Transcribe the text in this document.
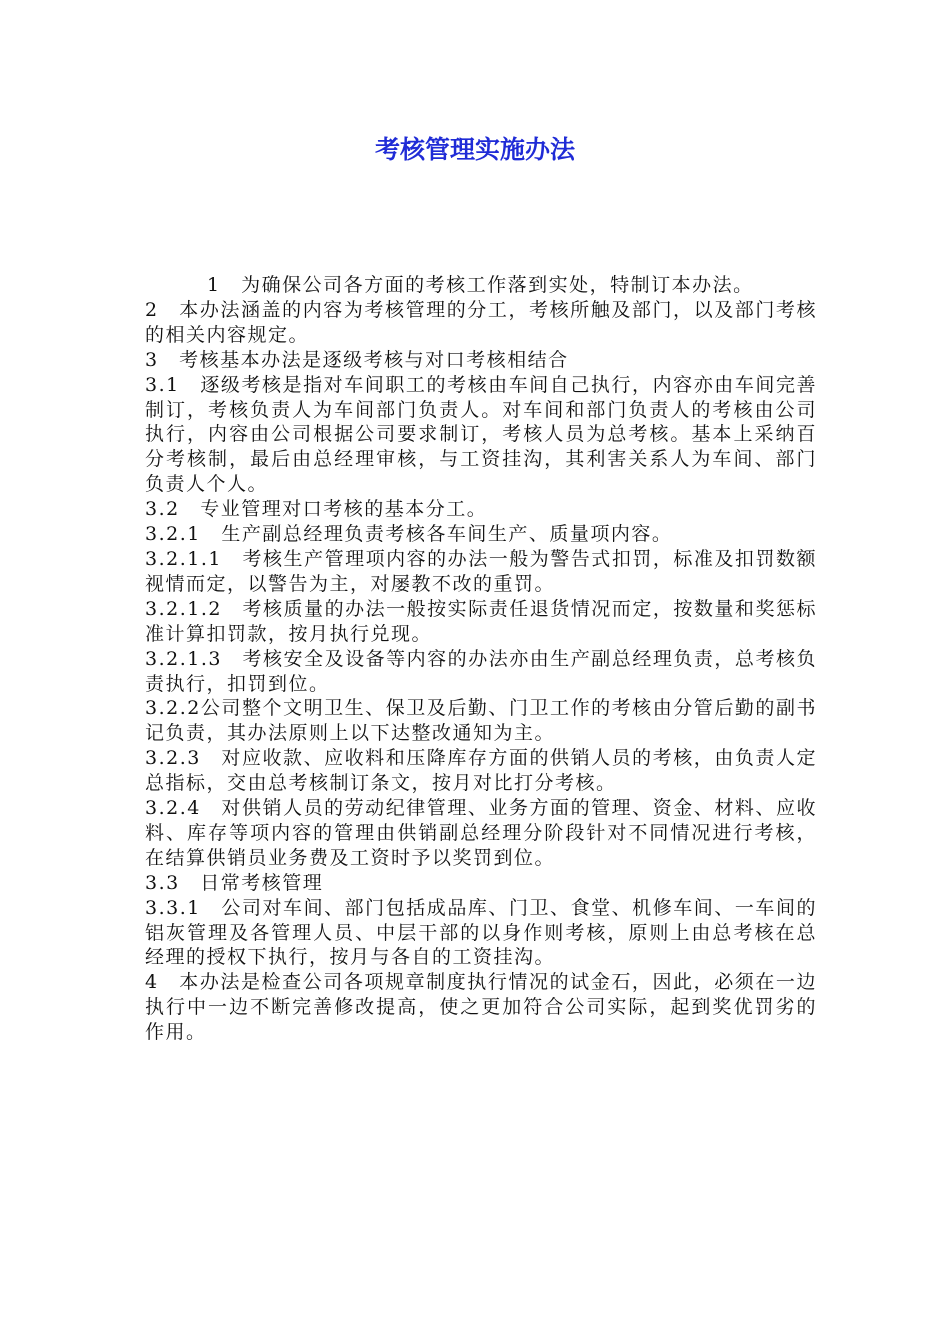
考核管理实施办法

1　为确保公司各方面的考核工作落到实处，特制订本办法。

2　本办法涵盖的内容为考核管理的分工，考核所触及部门，以及部门考核的相关内容规定。

3　考核基本办法是逐级考核与对口考核相结合

3.1　逐级考核是指对车间职工的考核由车间自己执行，内容亦由车间完善制订，考核负责人为车间部门负责人。对车间和部门负责人的考核由公司执行，内容由公司根据公司要求制订，考核人员为总考核。基本上采纳百分考核制，最后由总经理审核，与工资挂沟，其利害关系人为车间、部门负责人个人。

3.2　专业管理对口考核的基本分工。

3.2.1　生产副总经理负责考核各车间生产、质量项内容。

3.2.1.1　考核生产管理项内容的办法一般为警告式扣罚，标准及扣罚数额视情而定，以警告为主，对屡教不改的重罚。

3.2.1.2　考核质量的办法一般按实际责任退货情况而定，按数量和奖惩标准计算扣罚款，按月执行兑现。

3.2.1.3　考核安全及设备等内容的办法亦由生产副总经理负责，总考核负责执行，扣罚到位。

3.2.2公司整个文明卫生、保卫及后勤、门卫工作的考核由分管后勤的副书记负责，其办法原则上以下达整改通知为主。

3.2.3　对应收款、应收料和压降库存方面的供销人员的考核，由负责人定总指标，交由总考核制订条文，按月对比打分考核。

3.2.4　对供销人员的劳动纪律管理、业务方面的管理、资金、材料、应收料、库存等项内容的管理由供销副总经理分阶段针对不同情况进行考核，在结算供销员业务费及工资时予以奖罚到位。

3.3　日常考核管理

3.3.1　公司对车间、部门包括成品库、门卫、食堂、机修车间、一车间的铝灰管理及各管理人员、中层干部的以身作则考核，原则上由总考核在总经理的授权下执行，按月与各自的工资挂沟。

4　本办法是检查公司各项规章制度执行情况的试金石，因此，必须在一边执行中一边不断完善修改提高，使之更加符合公司实际，起到奖优罚劣的作用。
